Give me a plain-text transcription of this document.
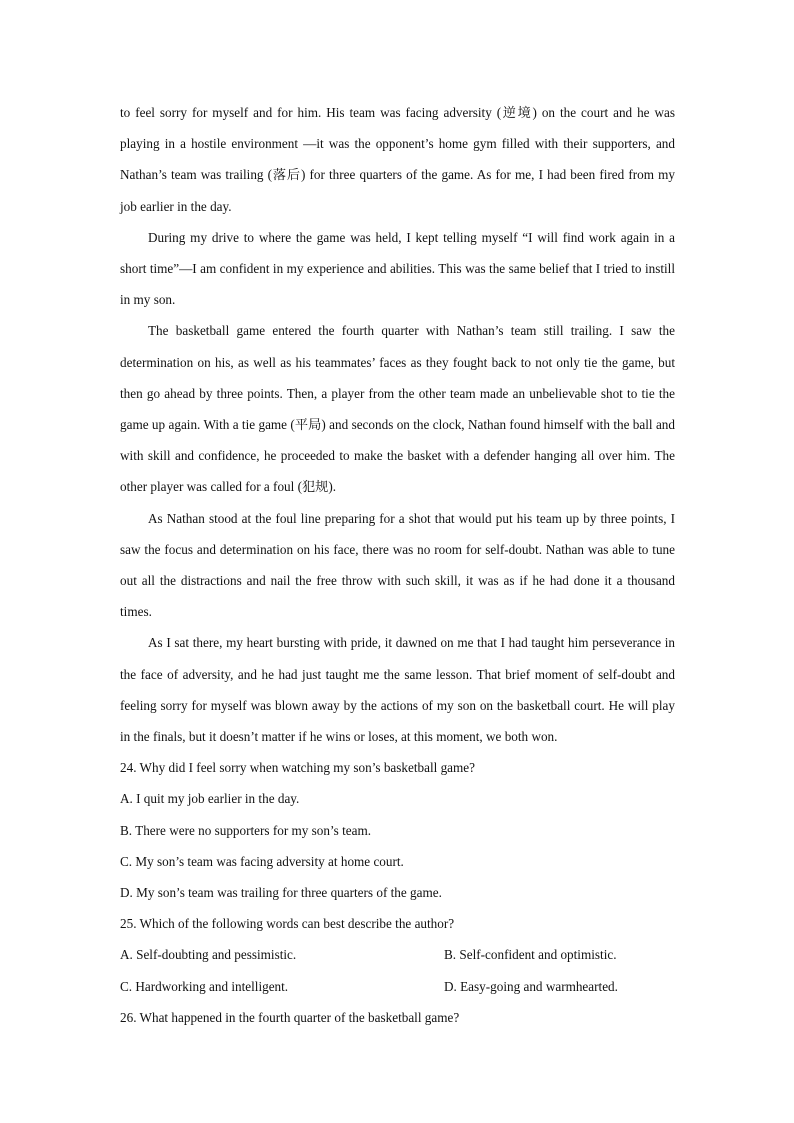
to feel sorry for myself and for him. His team was facing adversity (逆境) on the court and he was playing in a hostile environment —it was the opponent’s home gym filled with their supporters, and Nathan’s team was trailing (落后) for three quarters of the game. As for me, I had been fired from my job earlier in the day.

During my drive to where the game was held, I kept telling myself “I will find work again in a short time”—I am confident in my experience and abilities. This was the same belief that I tried to instill in my son.

The basketball game entered the fourth quarter with Nathan’s team still trailing. I saw the determination on his, as well as his teammates’ faces as they fought back to not only tie the game, but then go ahead by three points. Then, a player from the other team made an unbelievable shot to tie the game up again. With a tie game (平局) and seconds on the clock, Nathan found himself with the ball and with skill and confidence, he proceeded to make the basket with a defender hanging all over him. The other player was called for a foul (犯规).

As Nathan stood at the foul line preparing for a shot that would put his team up by three points, I saw the focus and determination on his face, there was no room for self-doubt. Nathan was able to tune out all the distractions and nail the free throw with such skill, it was as if he had done it a thousand times.

As I sat there, my heart bursting with pride, it dawned on me that I had taught him perseverance in the face of adversity, and he had just taught me the same lesson. That brief moment of self-doubt and feeling sorry for myself was blown away by the actions of my son on the basketball court. He will play in the finals, but it doesn’t matter if he wins or loses, at this moment, we both won.

24. Why did I feel sorry when watching my son’s basketball game?

A. I quit my job earlier in the day.

B. There were no supporters for my son’s team.

C. My son’s team was facing adversity at home court.

D. My son’s team was trailing for three quarters of the game.

25. Which of the following words can best describe the author?

A. Self-doubting and pessimistic.	B. Self-confident and optimistic.
C. Hardworking and intelligent.	D. Easy-going and warmhearted.

26. What happened in the fourth quarter of the basketball game?
